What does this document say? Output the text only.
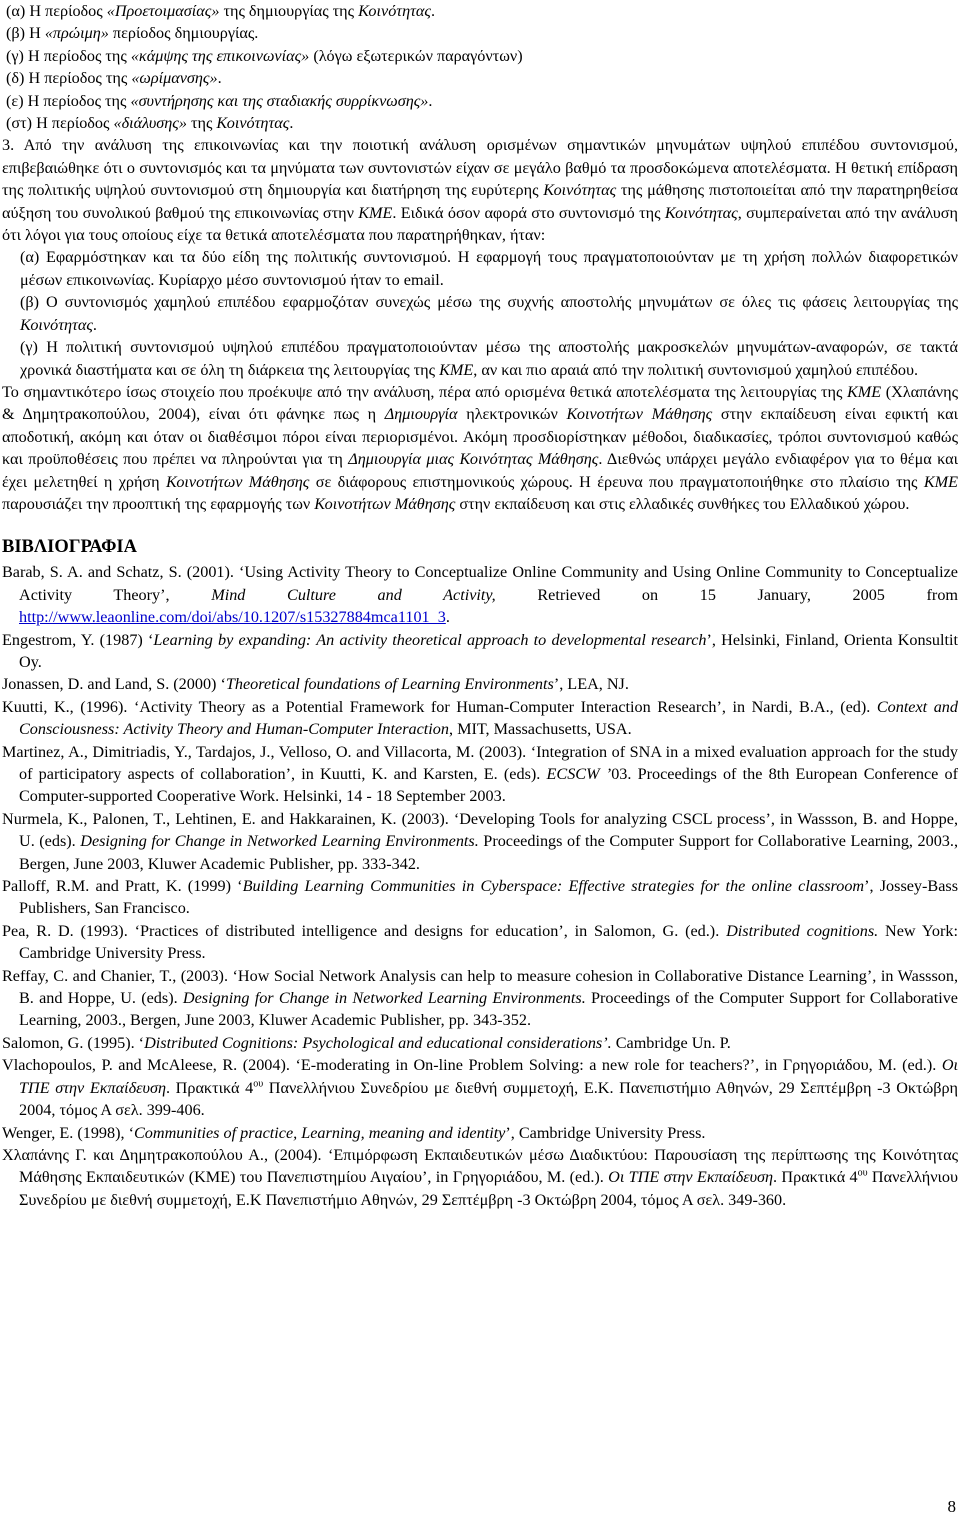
(α) Η περίοδος «Προετοιμασίας» της δημιουργίας της Κοινότητας.
(β) Η «πρώιμη» περίοδος δημιουργίας.
(γ) Η περίοδος της «κάμψης της επικοινωνίας» (λόγω εξωτερικών παραγόντων)
(δ) Η περίοδος της «ωρίμανσης».
(ε) Η περίοδος της «συντήρησης και της σταδιακής συρρίκνωσης».
(στ) Η περίοδος «διάλυσης» της Κοινότητας.

3. Από την ανάλυση της επικοινωνίας και την ποιοτική ανάλυση ορισμένων σημαντικών μηνυμάτων υψηλού επιπέδου συντονισμού, επιβεβαιώθηκε ότι ο συντονισμός και τα μηνύματα των συντονιστών είχαν σε μεγάλο βαθμό τα προσδοκώμενα αποτελέσματα. Η θετική επίδραση της πολιτικής υψηλού συντονισμού στη δημιουργία και διατήρηση της ευρύτερης Κοινότητας της μάθησης πιστοποιείται από την παρατηρηθείσα αύξηση του συνολικού βαθμού της επικοινωνίας στην ΚΜΕ. Ειδικά όσον αφορά στο συντονισμό της Κοινότητας, συμπεραίνεται από την ανάλυση ότι λόγοι για τους οποίους είχε τα θετικά αποτελέσματα που παρατηρήθηκαν, ήταν:

(α) Εφαρμόστηκαν και τα δύο είδη της πολιτικής συντονισμού. Η εφαρμογή τους πραγματοποιούνταν με τη χρήση πολλών διαφορετικών μέσων επικοινωνίας. Κυρίαρχο μέσο συντονισμού ήταν το email.

(β) Ο συντονισμός χαμηλού επιπέδου εφαρμοζόταν συνεχώς μέσω της συχνής αποστολής μηνυμάτων σε όλες τις φάσεις λειτουργίας της Κοινότητας.

(γ) Η πολιτική συντονισμού υψηλού επιπέδου πραγματοποιούνταν μέσω της αποστολής μακροσκελών μηνυμάτων-αναφορών, σε τακτά χρονικά διαστήματα και σε όλη τη διάρκεια της λειτουργίας της ΚΜΕ, αν και πιο αραιά από την πολιτική συντονισμού χαμηλού επιπέδου.

Το σημαντικότερο ίσως στοιχείο που προέκυψε από την ανάλυση, πέρα από ορισμένα θετικά αποτελέσματα της λειτουργίας της ΚΜΕ (Χλαπάνης & Δημητρακοπούλου, 2004), είναι ότι φάνηκε πως η Δημιουργία ηλεκτρονικών Κοινοτήτων Μάθησης στην εκπαίδευση είναι εφικτή και αποδοτική, ακόμη και όταν οι διαθέσιμοι πόροι είναι περιορισμένοι. Ακόμη προσδιορίστηκαν μέθοδοι, διαδικασίες, τρόποι συντονισμού καθώς και προϋποθέσεις που πρέπει να πληρούνται για τη Δημιουργία μιας Κοινότητας Μάθησης. Διεθνώς υπάρχει μεγάλο ενδιαφέρον για το θέμα και έχει μελετηθεί η χρήση Κοινοτήτων Μάθησης σε διάφορους επιστημονικούς χώρους. Η έρευνα που πραγματοποιήθηκε στο πλαίσιο της ΚΜΕ παρουσιάζει την προοπτική της εφαρμογής των Κοινοτήτων Μάθησης στην εκπαίδευση και στις ελλαδικές συνθήκες του Ελλαδικού χώρου.

ΒΙΒΛΙΟΓΡΑΦΙΑ

Barab, S. A. and Schatz, S. (2001). ‘Using Activity Theory to Conceptualize Online Community and Using Online Community to Conceptualize Activity Theory’, Mind Culture and Activity, Retrieved on 15 January, 2005 from http://www.leaonline.com/doi/abs/10.1207/s15327884mca1101_3.

Engestrom, Y. (1987) ‘Learning by expanding: An activity theoretical approach to developmental research’, Helsinki, Finland, Orienta Konsultit Oy.

Jonassen, D. and Land, S. (2000) ‘Theoretical foundations of Learning Environments’, LEA, NJ.

Kuutti, K., (1996). ‘Activity Theory as a Potential Framework for Human-Computer Interaction Research’, in Nardi, B.A., (ed). Context and Consciousness: Activity Theory and Human-Computer Interaction, MIT, Massachusetts, USA.

Martinez, A., Dimitriadis, Y., Tardajos, J., Velloso, O. and Villacorta, M. (2003). ‘Integration of SNA in a mixed evaluation approach for the study of participatory aspects of collaboration’, in Kuutti, K. and Karsten, E. (eds). ECSCW ’03. Proceedings of the 8th European Conference of Computer-supported Cooperative Work. Helsinki, 14 - 18 September 2003.

Nurmela, K., Palonen, T., Lehtinen, E. and Hakkarainen, K. (2003). ‘Developing Tools for analyzing CSCL process’, in Wassson, B. and Hoppe, U. (eds). Designing for Change in Networked Learning Environments. Proceedings of the Computer Support for Collaborative Learning, 2003., Bergen, June 2003, Kluwer Academic Publisher, pp. 333-342.

Palloff, R.M. and Pratt, K. (1999) ‘Building Learning Communities in Cyberspace: Effective strategies for the online classroom’, Jossey-Bass Publishers, San Francisco.

Pea, R. D. (1993). ‘Practices of distributed intelligence and designs for education’, in Salomon, G. (ed.). Distributed cognitions. New York: Cambridge University Press.

Reffay, C. and Chanier, T., (2003). ‘How Social Network Analysis can help to measure cohesion in Collaborative Distance Learning’, in Wassson, B. and Hoppe, U. (eds). Designing for Change in Networked Learning Environments. Proceedings of the Computer Support for Collaborative Learning, 2003., Bergen, June 2003, Kluwer Academic Publisher, pp. 343-352.

Salomon, G. (1995). ‘Distributed Cognitions: Psychological and educational considerations’. Cambridge Un. P.

Vlachopoulos, P. and McAleese, R. (2004). ‘E-moderating in On-line Problem Solving: a new role for teachers?’, in Γρηγοριάδου, Μ. (ed.). Οι ΤΠΕ στην Εκπαίδευση. Πρακτικά $4^{o\upsilon}$ Πανελλήνιου Συνεδρίου με διεθνή συμμετοχή, Ε.Κ. Πανεπιστήμιο Αθηνών, 29 Σεπτέμβρη -3 Οκτώβρη 2004, τόμος Α σελ. 399-406.

Wenger, E. (1998), ‘Communities of practice, Learning, meaning and identity’, Cambridge University Press.

Χλαπάνης Γ. και Δημητρακοπούλου Α., (2004). ‘Επιμόρφωση Εκπαιδευτικών μέσω Διαδικτύου: Παρουσίαση της περίπτωσης της Κοινότητας Μάθησης Εκπαιδευτικών (ΚΜΕ) του Πανεπιστημίου Αιγαίου’, in Γρηγοριάδου, Μ. (ed.). Οι ΤΠΕ στην Εκπαίδευση. Πρακτικά $4^{o\upsilon}$ Πανελλήνιου Συνεδρίου με διεθνή συμμετοχή, Ε.Κ Πανεπιστήμιο Αθηνών, 29 Σεπτέμβρη -3 Οκτώβρη 2004, τόμος Α σελ. 349-360.

8
